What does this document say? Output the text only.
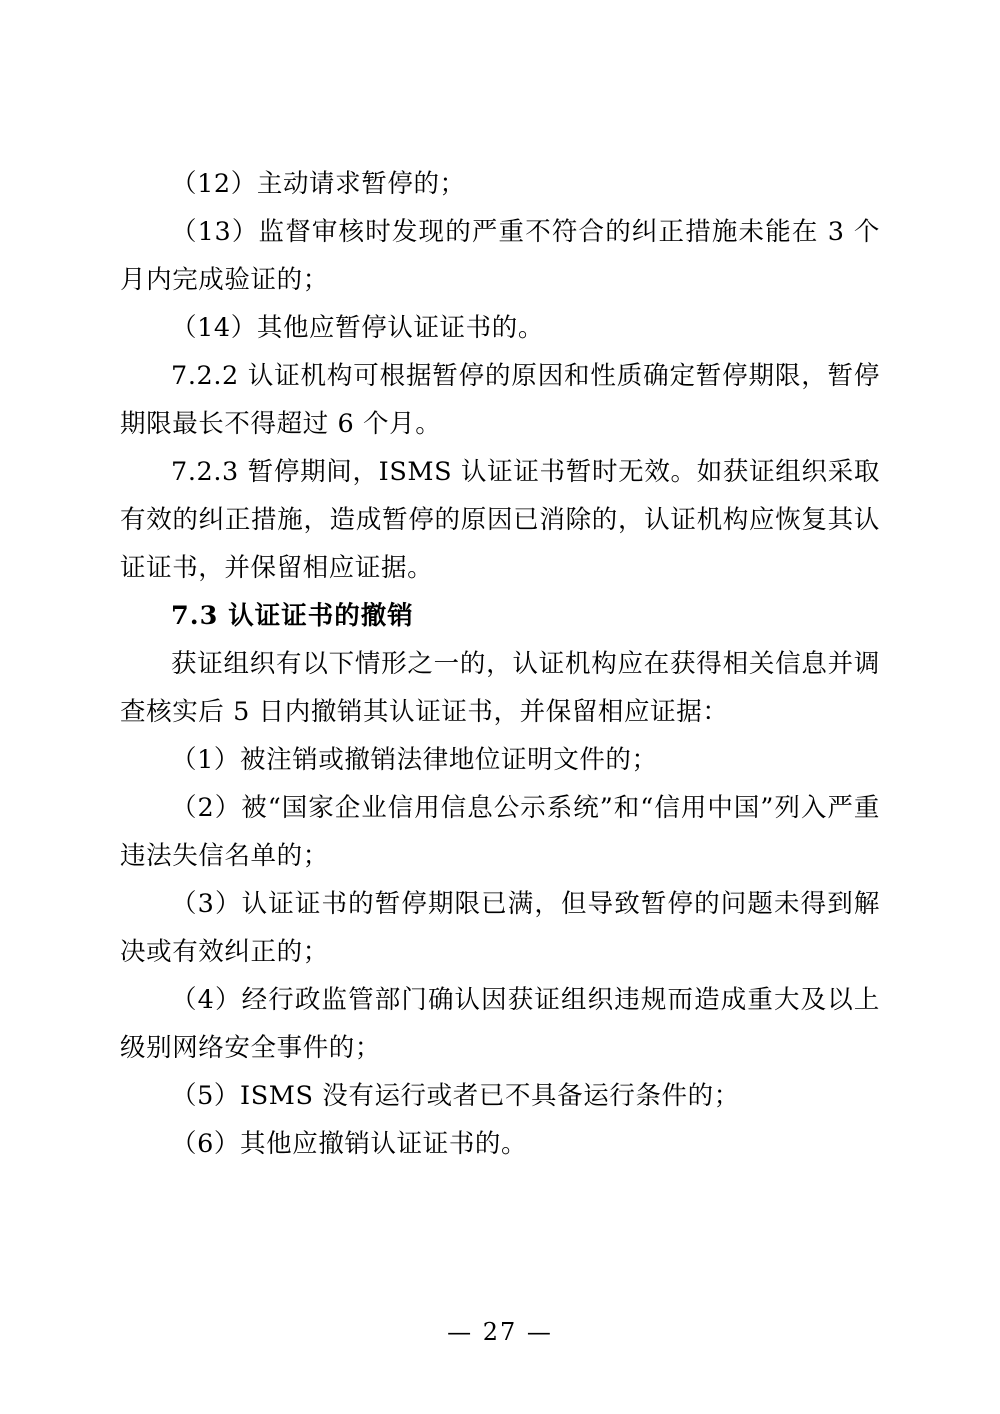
（12）主动请求暂停的；

（13）监督审核时发现的严重不符合的纠正措施未能在 3 个月内完成验证的；

（14）其他应暂停认证证书的。

7.2.2 认证机构可根据暂停的原因和性质确定暂停期限，暂停期限最长不得超过 6 个月。

7.2.3 暂停期间，ISMS 认证证书暂时无效。如获证组织采取有效的纠正措施，造成暂停的原因已消除的，认证机构应恢复其认证证书，并保留相应证据。

7.3 认证证书的撤销

获证组织有以下情形之一的，认证机构应在获得相关信息并调查核实后 5 日内撤销其认证证书，并保留相应证据：

（1）被注销或撤销法律地位证明文件的；

（2）被“国家企业信用信息公示系统”和“信用中国”列入严重违法失信名单的；

（3）认证证书的暂停期限已满，但导致暂停的问题未得到解决或有效纠正的；

（4）经行政监管部门确认因获证组织违规而造成重大及以上级别网络安全事件的；

（5）ISMS 没有运行或者已不具备运行条件的；

（6）其他应撤销认证证书的。

— 27 —
